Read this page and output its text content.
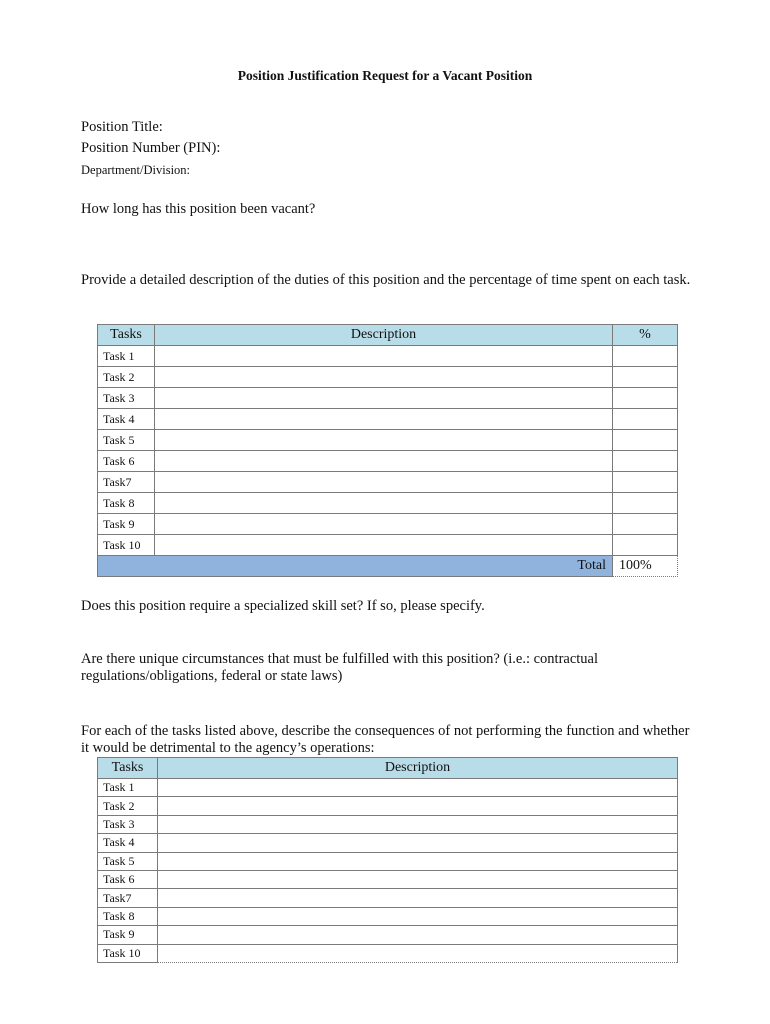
Position Justification Request for a Vacant Position
Position Title:
Position Number (PIN):
Department/Division:
How long has this position been vacant?
Provide a detailed description of the duties of this position and the percentage of time spent on each task.
Tasks	Description	%
Task 1		
Task 2		
Task 3		
Task 4		
Task 5		
Task 6		
Task7		
Task 8		
Task 9		
Task 10		
Total		100%
Does this position require a specialized skill set? If so, please specify.
Are there unique circumstances that must be fulfilled with this position? (i.e.: contractual regulations/obligations, federal or state laws)
For each of the tasks listed above, describe the consequences of not performing the function and whether it would be detrimental to the agency’s operations:
Tasks	Description
Task 1	
Task 2	
Task 3	
Task 4	
Task 5	
Task 6	
Task7	
Task 8	
Task 9	
Task 10	
